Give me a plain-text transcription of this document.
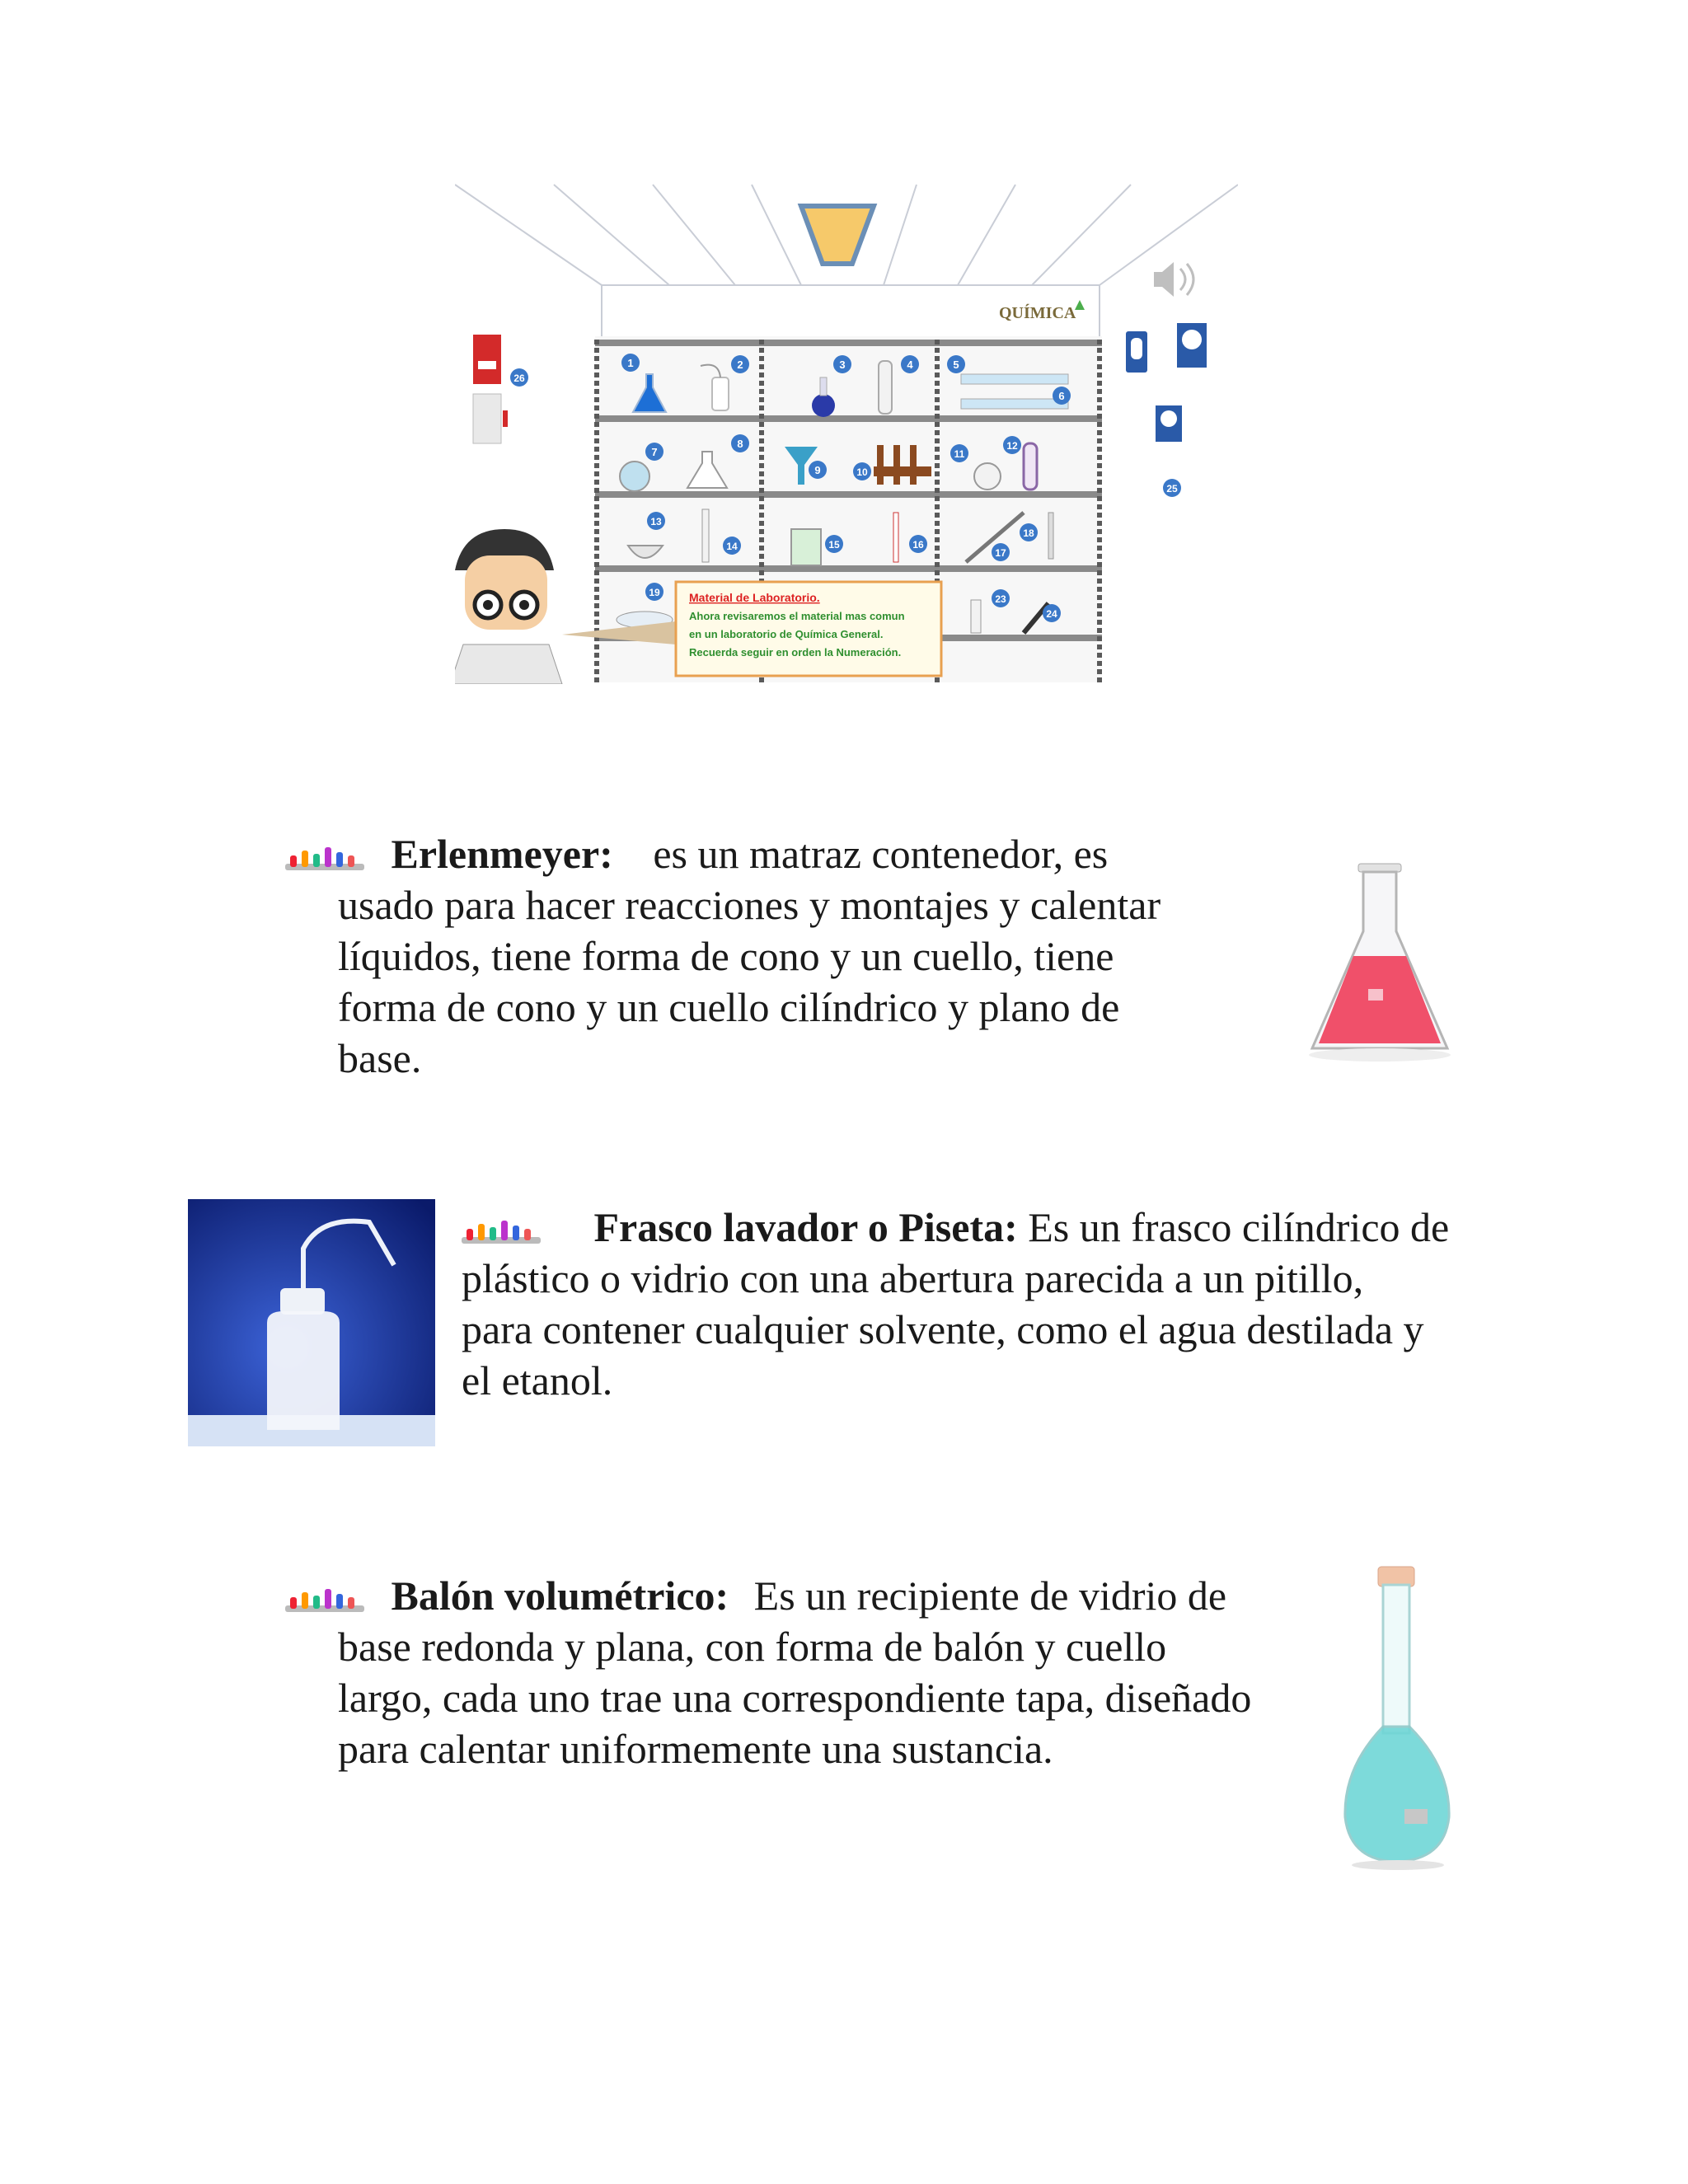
QUÍMICA
1	2	3	4	5
6
7
8
9	10
11
12
13
14	15	16
17
18
19
23
24
25
26
Material de Laboratorio.
Ahora revisaremos el material mas comun
en un laboratorio de Química General.
Recuerda seguir en orden la Numeración.

Erlenmeyer: es un matraz contenedor, es

usado para hacer reacciones y montajes y calentar

líquidos, tiene forma de cono y un cuello, tiene

forma de cono y un cuello cilíndrico y plano de

base.

Frasco lavador o Piseta: Es un frasco cilíndrico de

plástico o vidrio con una abertura parecida a un pitillo,

para contener cualquier solvente, como el agua destilada y

el etanol.

Balón volumétrico: Es un recipiente de vidrio de

base redonda y plana, con forma de balón y cuello

largo, cada uno trae una correspondiente tapa, diseñado

para calentar uniformemente una sustancia.
